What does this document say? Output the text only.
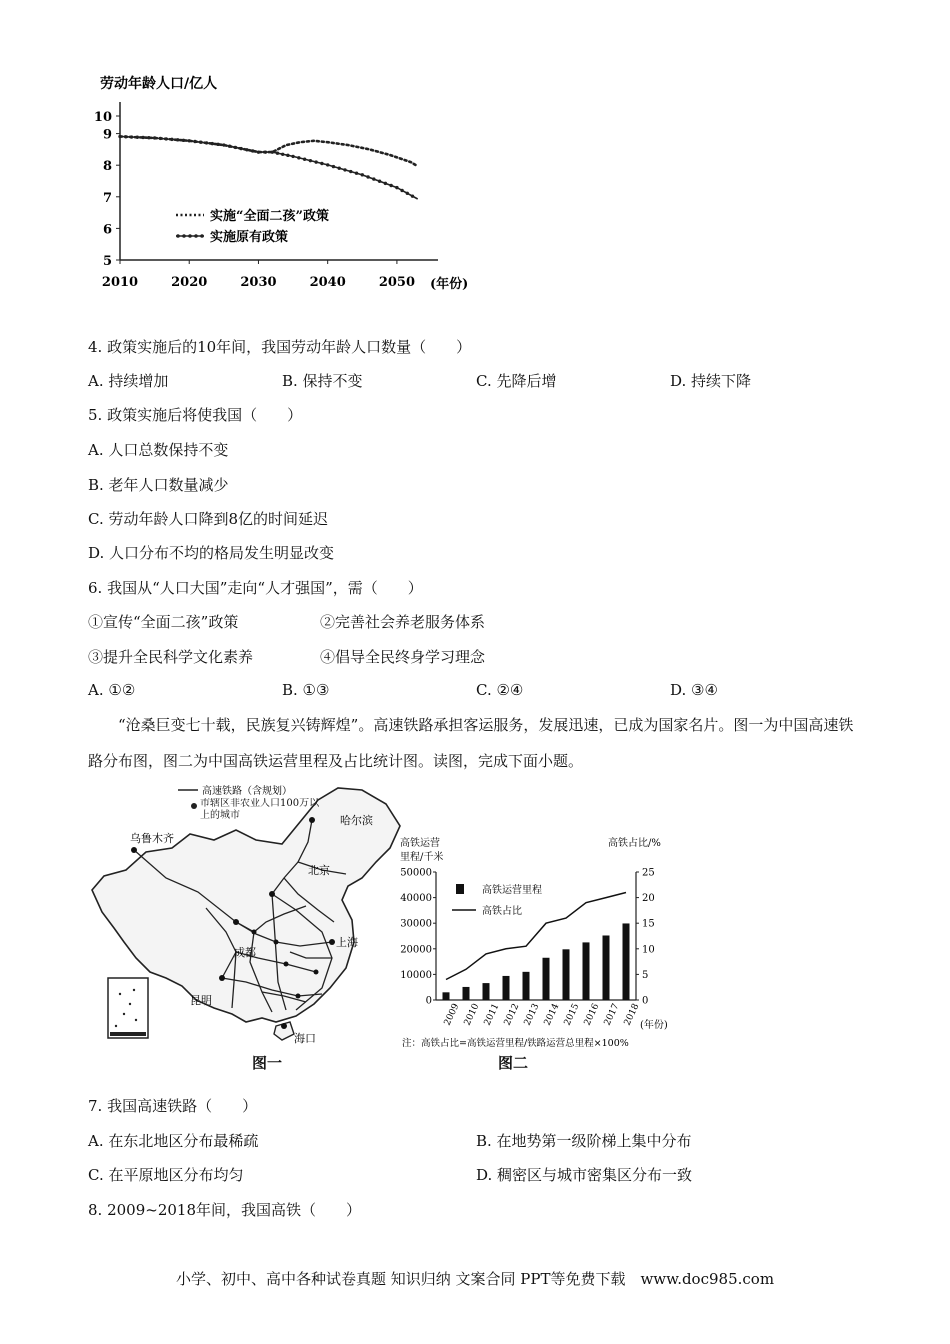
劳动年龄人口/亿人
10
9
8
7
6
5
2010	2020	2030	2040	2050
实施“全面二孩”政策
实施原有政策
(年份)
4. 政策实施后的10年间，我国劳动年龄人口数量（　　）
A. 持续增加	B. 保持不变	C. 先降后增	D. 持续下降
5. 政策实施后将使我国（　　）
A. 人口总数保持不变
B. 老年人口数量减少
C. 劳动年龄人口降到8亿的时间延迟
D. 人口分布不均的格局发生明显改变
6. 我国从“人口大国”走向“人才强国”，需（　　）
①宣传“全面二孩”政策	②完善社会养老服务体系
③提升全民科学文化素养	④倡导全民终身学习理念
A. ①②	B. ①③	C. ②④	D. ③④
“沧桑巨变七十载，民族复兴铸辉煌”。高速铁路承担客运服务，发展迅速，已成为国家名片。图一为中国高速铁路分布图，图二为中国高铁运营里程及占比统计图。读图，完成下面小题。
高速铁路（含规划）
市辖区非农业人口100万以上的城市
乌鲁木齐
哈尔滨
北京
成都
上海
昆明
海口
图一
高铁运营
里程/千米
高铁占比/%
50000
40000
30000
20000
10000
0
25
20
15
10
5
0
2009 2010 2011 2012 2013 2014 2015 2016 2017 2018
高铁运营里程
高铁占比
(年份)
注：高铁占比=高铁运营里程/铁路运营总里程×100%
图二
7. 我国高速铁路（　　）
A. 在东北地区分布最稀疏	B. 在地势第一级阶梯上集中分布
C. 在平原地区分布均匀	D. 稠密区与城市密集区分布一致
8. 2009~2018年间，我国高铁（　　）
小学、初中、高中各种试卷真题 知识归纳 文案合同 PPT等免费下载　www.doc985.com
